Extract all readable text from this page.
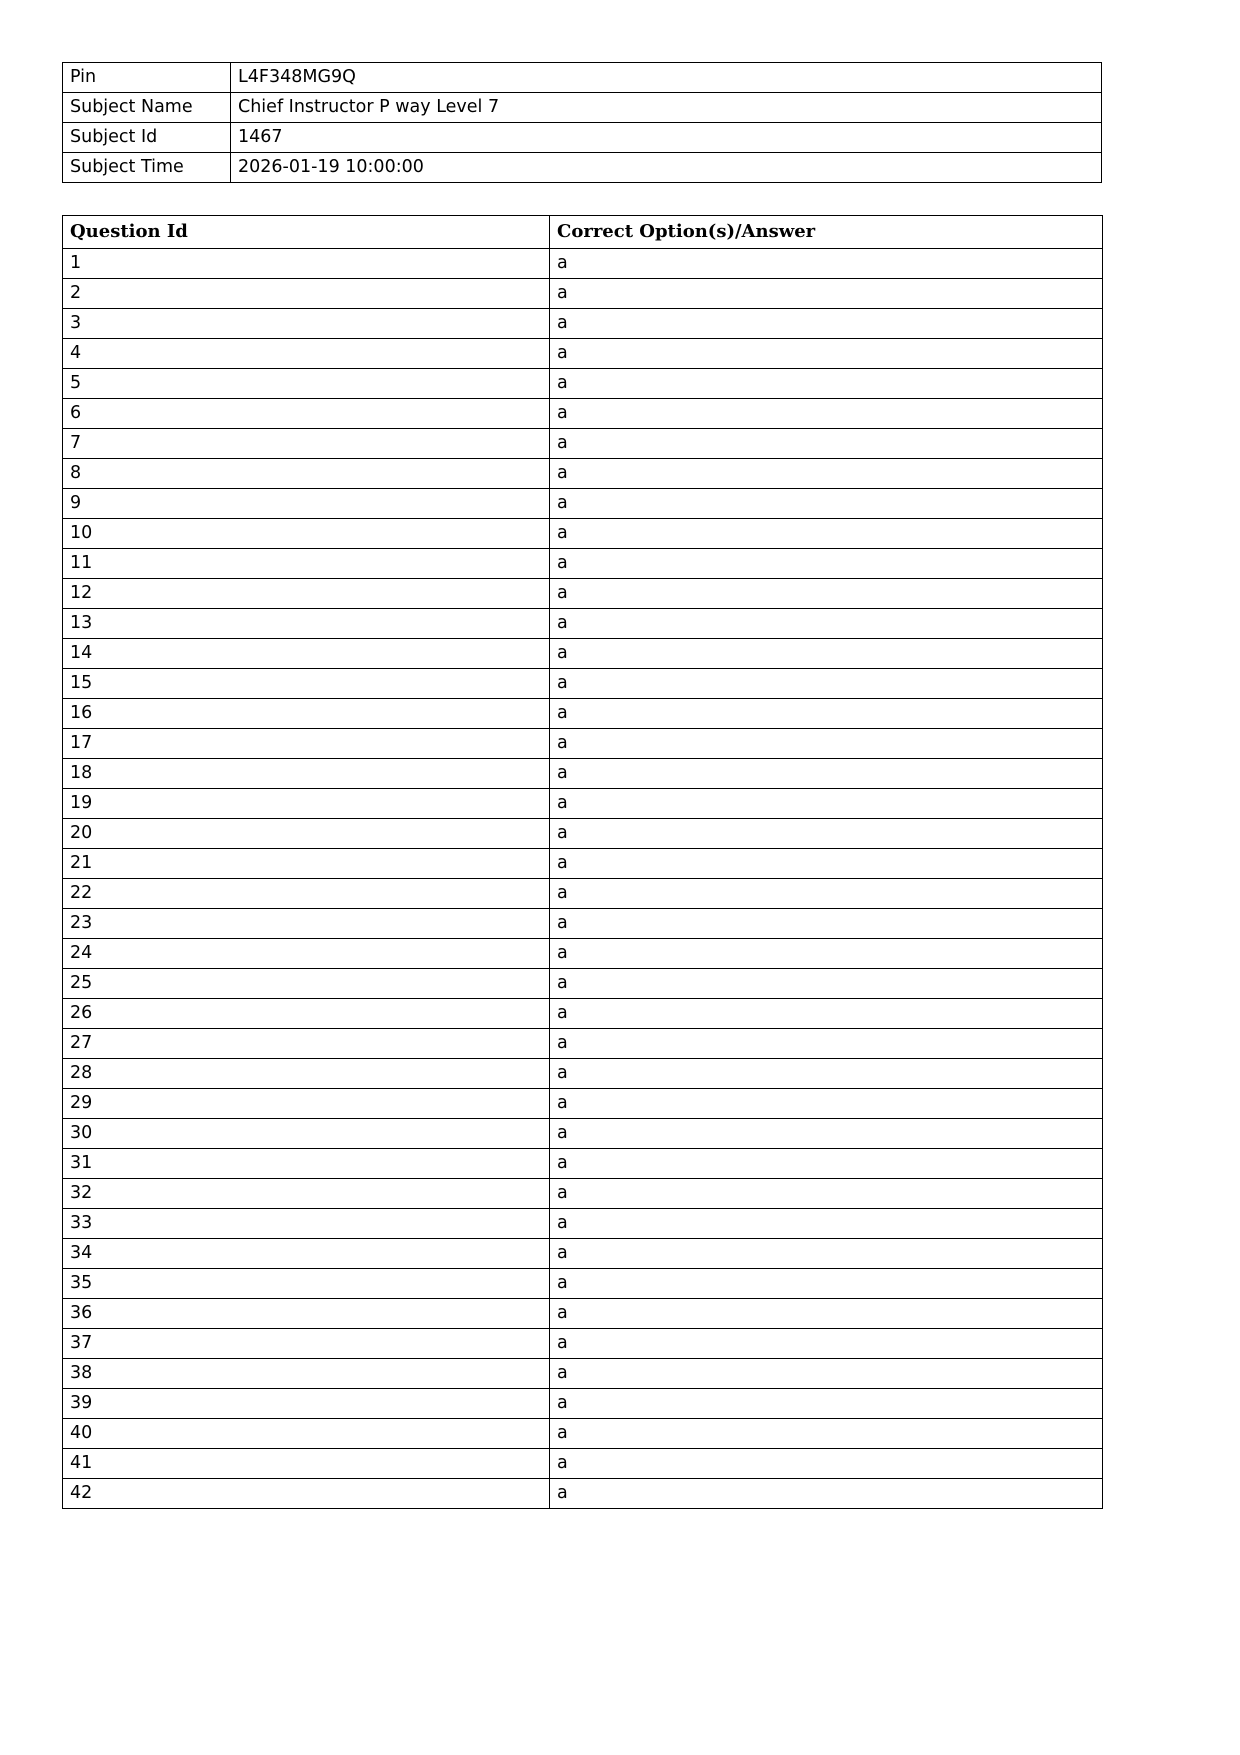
Pin	L4F348MG9Q
Subject Name	Chief Instructor P way Level 7
Subject Id	1467
Subject Time	2026-01-19 10:00:00
Question Id	Correct Option(s)/Answer
1	a
2	a
3	a
4	a
5	a
6	a
7	a
8	a
9	a
10	a
11	a
12	a
13	a
14	a
15	a
16	a
17	a
18	a
19	a
20	a
21	a
22	a
23	a
24	a
25	a
26	a
27	a
28	a
29	a
30	a
31	a
32	a
33	a
34	a
35	a
36	a
37	a
38	a
39	a
40	a
41	a
42	a
